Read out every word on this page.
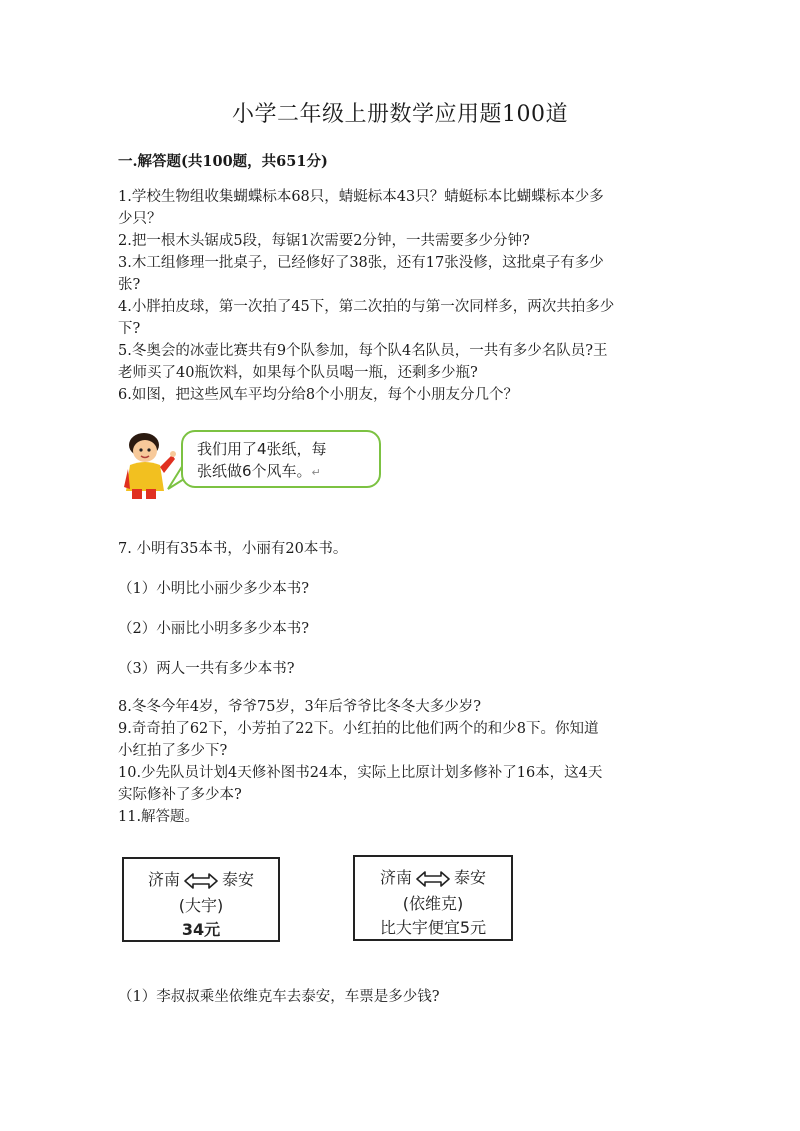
小学二年级上册数学应用题100道
一.解答题(共100题，共651分)
1.学校生物组收集蝴蝶标本68只，蜻蜓标本43只？蜻蜓标本比蝴蝶标本少多
少只？
2.把一根木头锯成5段，每锯1次需要2分钟，一共需要多少分钟?
3.木工组修理一批桌子，已经修好了38张，还有17张没修，这批桌子有多少
张?
4.小胖拍皮球，第一次拍了45下，第二次拍的与第一次同样多，两次共拍多少
下?
5.冬奥会的冰壶比赛共有9个队参加，每个队4名队员，一共有多少名队员?王
老师买了40瓶饮料，如果每个队员喝一瓶，还剩多少瓶?
6.如图，把这些风车平均分给8个小朋友，每个小朋友分几个？
我们用了4张纸，每
张纸做6个风车。↵
7. 小明有35本书，小丽有20本书。
（1）小明比小丽少多少本书?
（2）小丽比小明多多少本书?
（3）两人一共有多少本书?
8.冬冬今年4岁，爷爷75岁，3年后爷爷比冬冬大多少岁?
9.奇奇拍了62下，小芳拍了22下。小红拍的比他们两个的和少8下。你知道
小红拍了多少下?
10.少先队员计划4天修补图书24本，实际上比原计划多修补了16本，这4天
实际修补了多少本?
11.解答题。
济南	泰安
(大宇)
34元
济南	泰安
(依维克)
比大宇便宜5元
（1）李叔叔乘坐依维克车去泰安，车票是多少钱?
